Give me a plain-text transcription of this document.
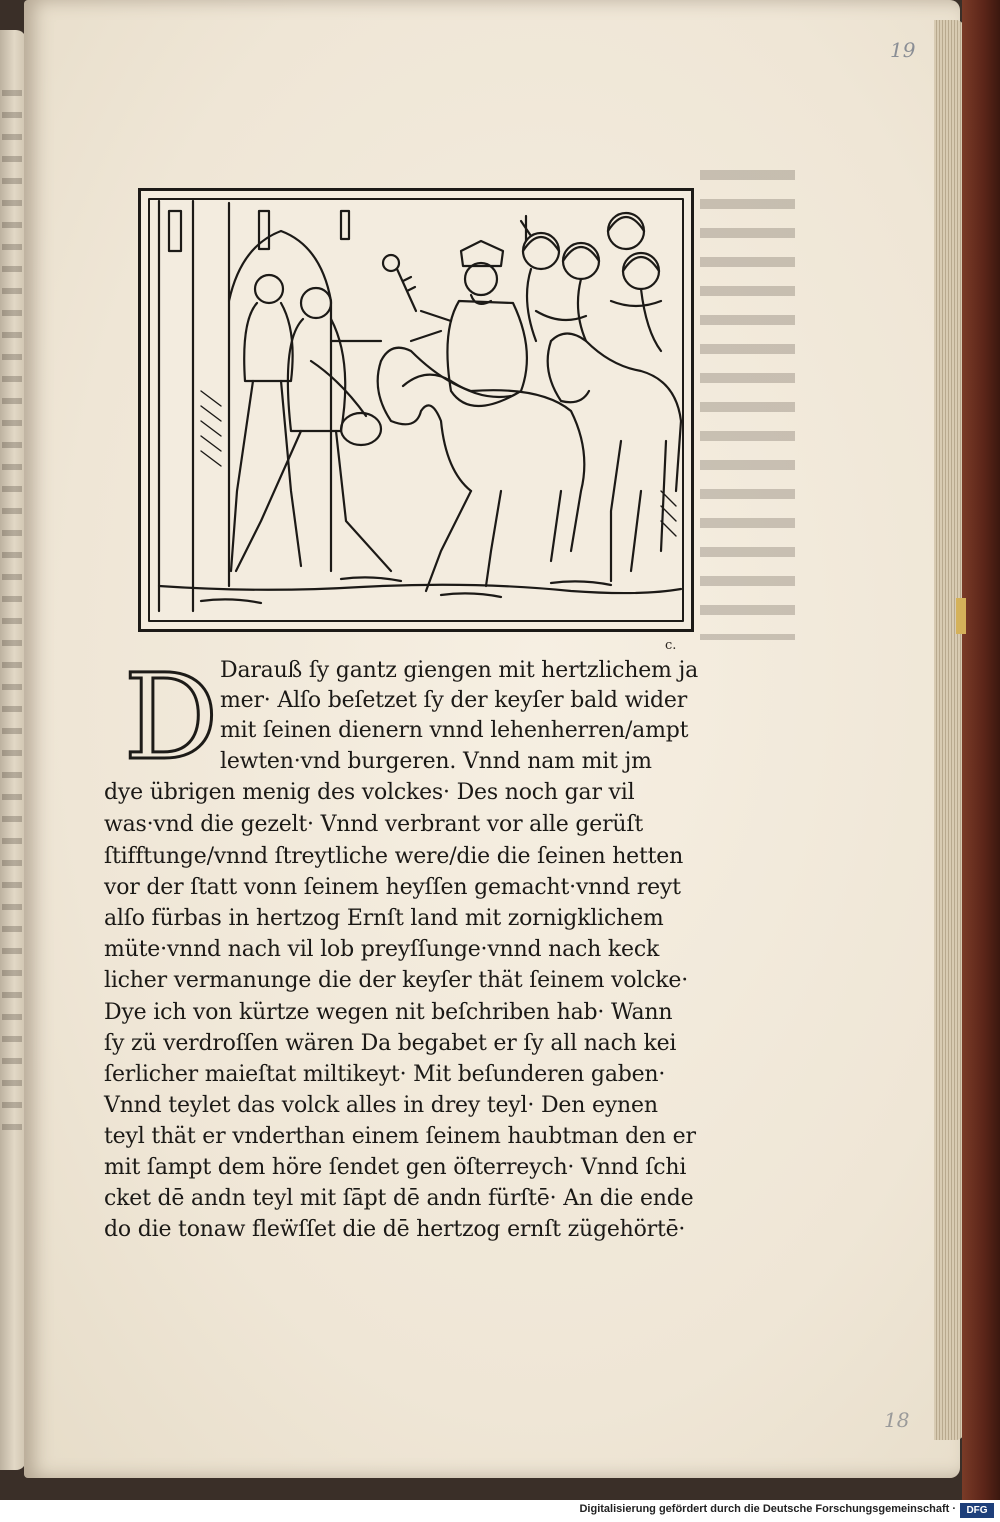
19
18
c.
D Darauß ſy gantz giengen mit hertzlichem ja
mer· Alſo beſetzet ſy der keyſer bald wider
mit ſeinen dienern vnnd lehenherren/ampt
lewten·vnd burgeren. Vnnd nam mit jm
dye übrigen menig des volckes· Des noch gar vil
was·vnd die gezelt· Vnnd verbrant vor alle gerüſt
ſtifftunge/vnnd ſtreytliche were/die die ſeinen hetten
vor der ſtatt vonn ſeinem heyſſen gemacht·vnnd reyt
alſo fürbas in hertzog Ernſt land mit zornigklichem
müte·vnnd nach vil lob preyſſunge·vnnd nach keck
licher vermanunge die der keyſer thät ſeinem volcke·
Dye ich von kürtze wegen nit beſchriben hab· Wann
ſy zü verdroſſen wären Da begabet er ſy all nach kei
ſerlicher maieſtat miltikeyt· Mit beſunderen gaben·
Vnnd teylet das volck alles in drey teyl· Den eynen
teyl thät er vnderthan einem ſeinem haubtman den er
mit ſampt dem höre ſendet gen öſterreych· Vnnd ſchi
cket dē andn teyl mit ſāpt dē andn fürſtē· An die ende
do die tonaw fleẅſſet die dē hertzog ernſt zügehörtē·
Digitalisierung gefördert durch die Deutsche Forschungsgemeinschaft ·	DFG
